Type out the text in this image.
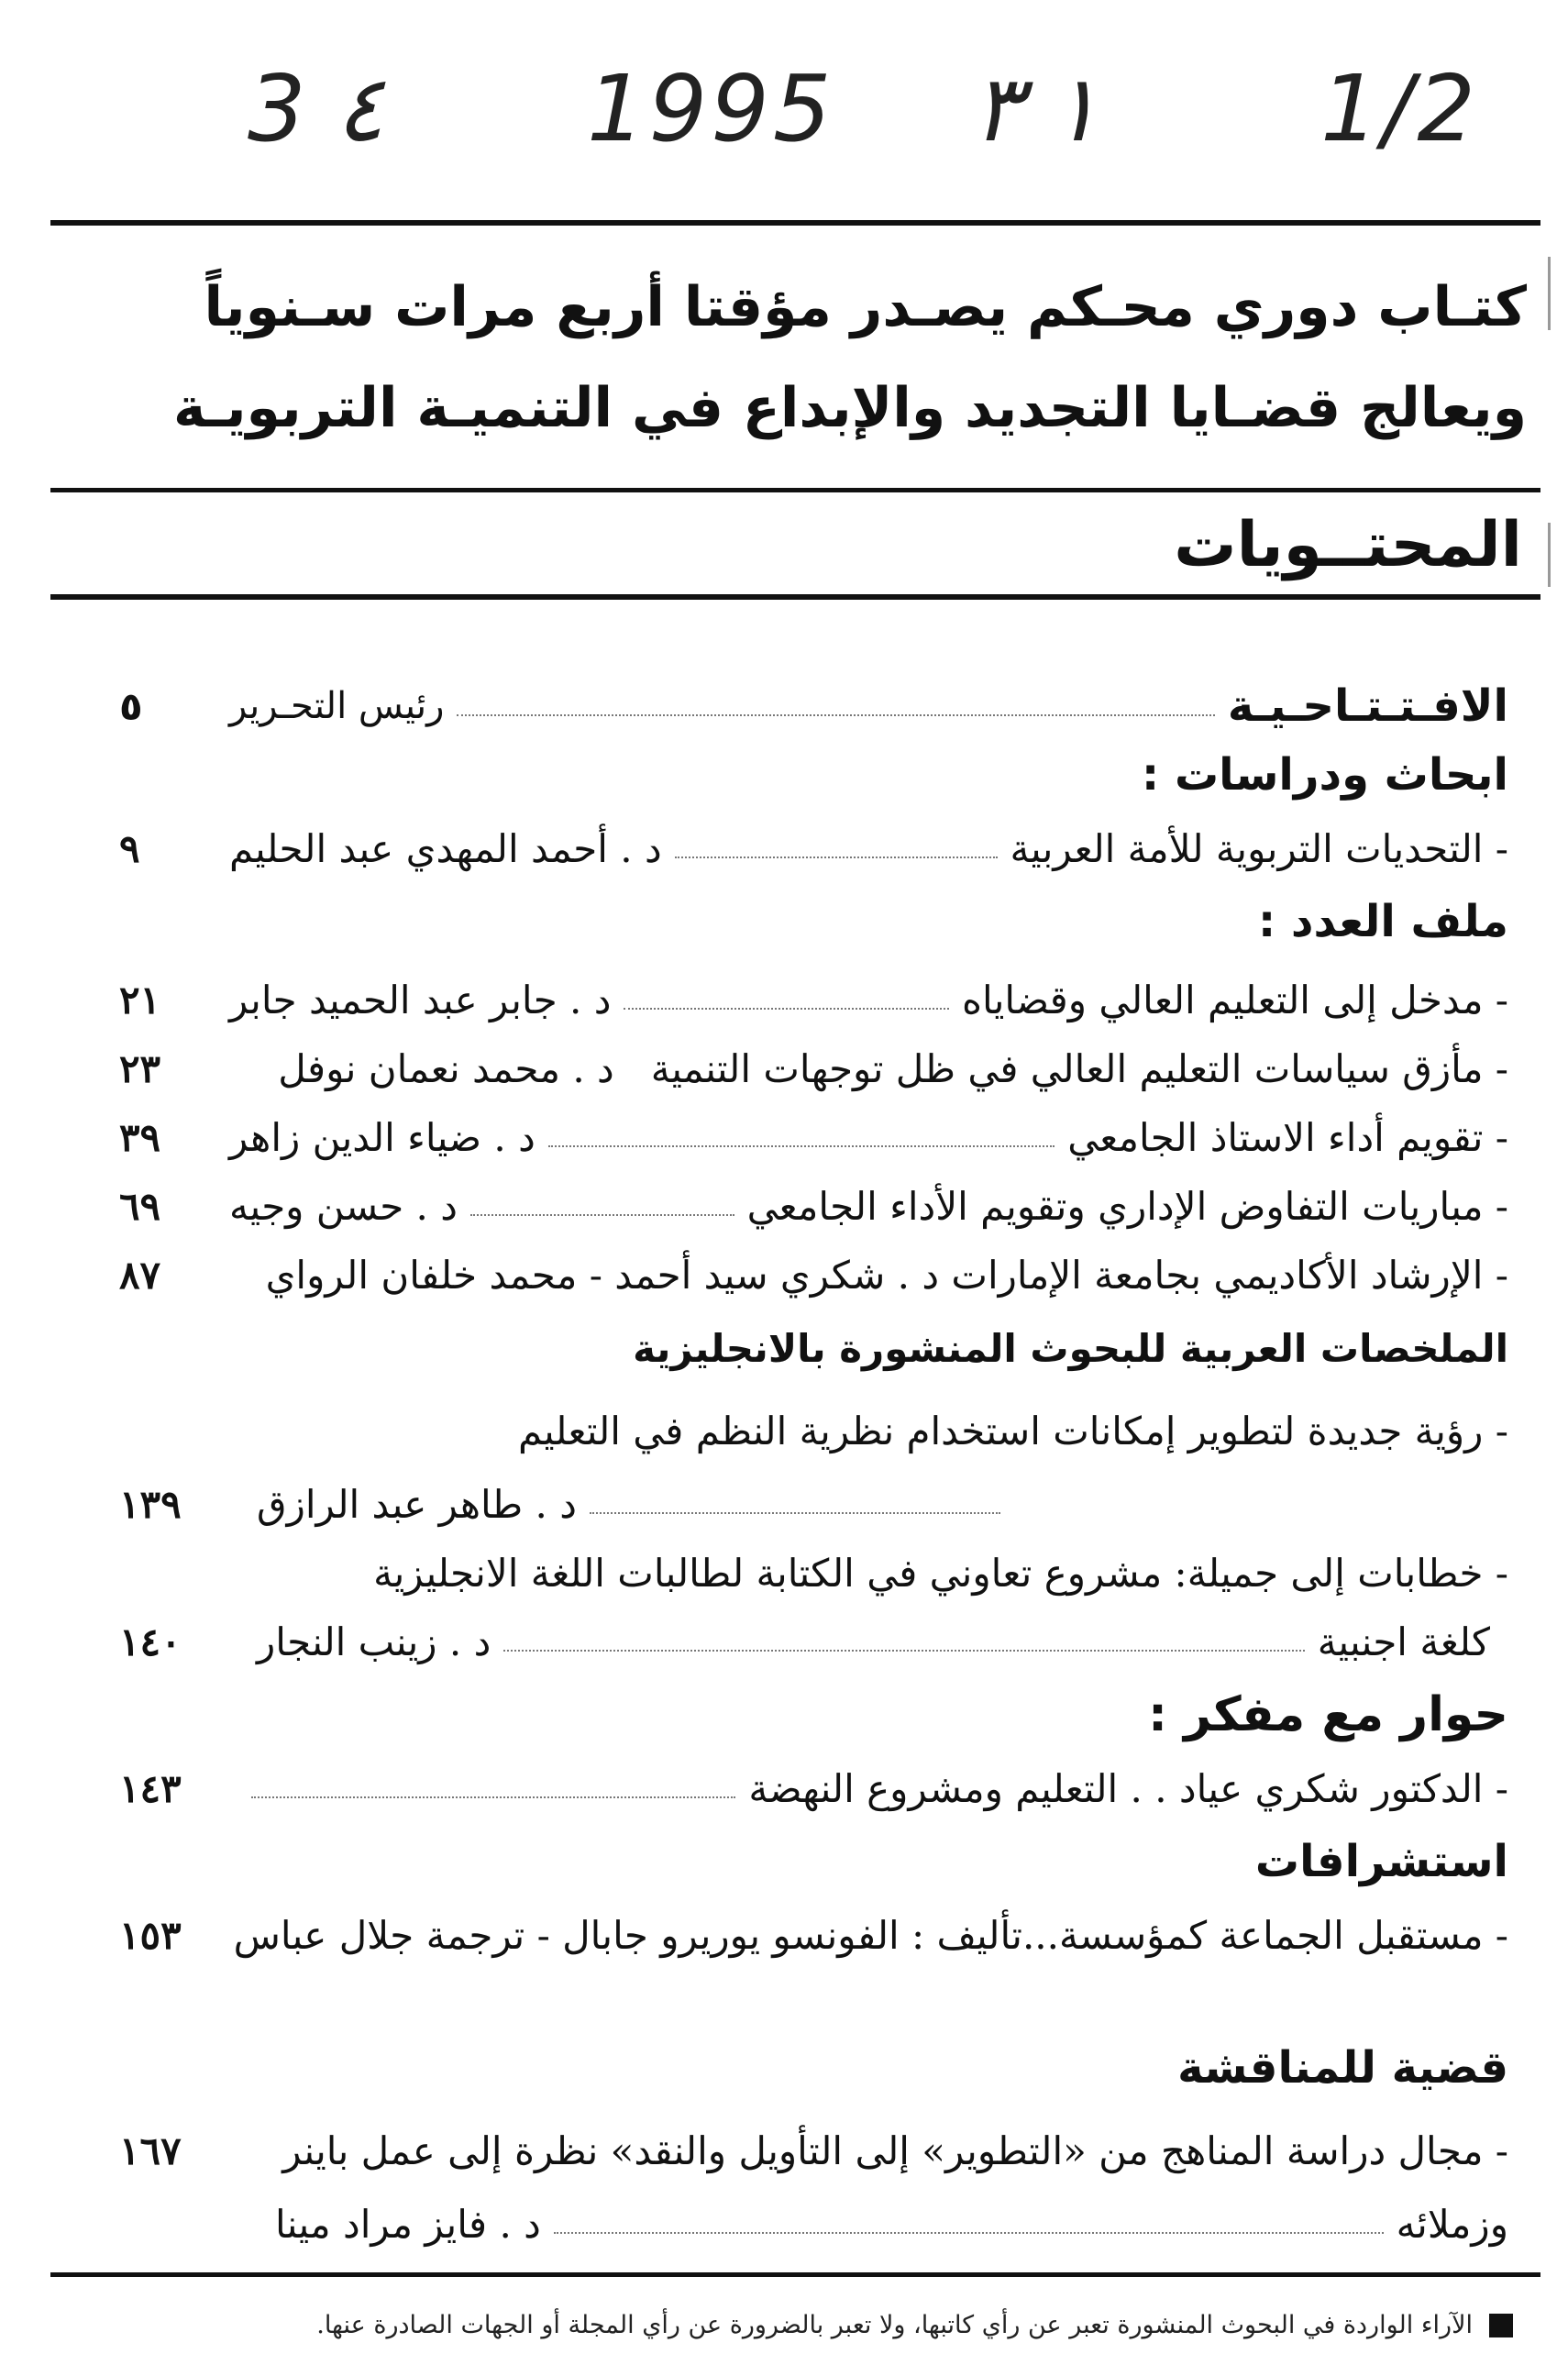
3 ٤ 1995 ١ ٣ 1/2
كتـاب دوري محـكم يصـدر مؤقتا أربع مرات سـنوياً
ويعالج قضـايا التجديد والإبداع في التنميـة التربويـة
المحتــويات
الافـتـتـاحـيـة
رئيس التحـرير
٥
ابحاث ودراسات :
- التحديات التربوية للأمة العربية
د . أحمد المهدي عبد الحليم
٩
ملف العدد :
- مدخل إلى التعليم العالي وقضاياه
د . جابر عبد الحميد جابر
٢١
- مأزق سياسات التعليم العالي في ظل توجهات التنمية
د . محمد نعمان نوفل
٢٣
- تقويم أداء الاستاذ الجامعي
د . ضياء الدين زاهر
٣٩
- مباريات التفاوض الإداري وتقويم الأداء الجامعي
د . حسن وجيه
٦٩
- الإرشاد الأكاديمي بجامعة الإمارات د . شكري سيد أحمد - محمد خلفان الرواي
٨٧
الملخصات العربية للبحوث المنشورة بالانجليزية
- رؤية جديدة لتطوير إمكانات استخدام نظرية النظم في التعليم
د . طاهر عبد الرازق
١٣٩
- خطابات إلى جميلة: مشروع تعاوني في الكتابة لطالبات اللغة الانجليزية
كلغة اجنبية
د . زينب النجار
١٤٠
حوار مع مفكر :
- الدكتور شكري عياد . . التعليم ومشروع النهضة
١٤٣
استشرافات
- مستقبل الجماعة كمؤسسة...تأليف : الفونسو يوريرو جابال - ترجمة جلال عباس
١٥٣
قضية للمناقشة
- مجال دراسة المناهج من «التطوير» إلى التأويل والنقد» نظرة إلى عمل باينر
١٦٧
وزملائه
د . فايز مراد مينا
الآراء الواردة في البحوث المنشورة تعبر عن رأي كاتبها، ولا تعبر بالضرورة عن رأي المجلة أو الجهات الصادرة عنها.
